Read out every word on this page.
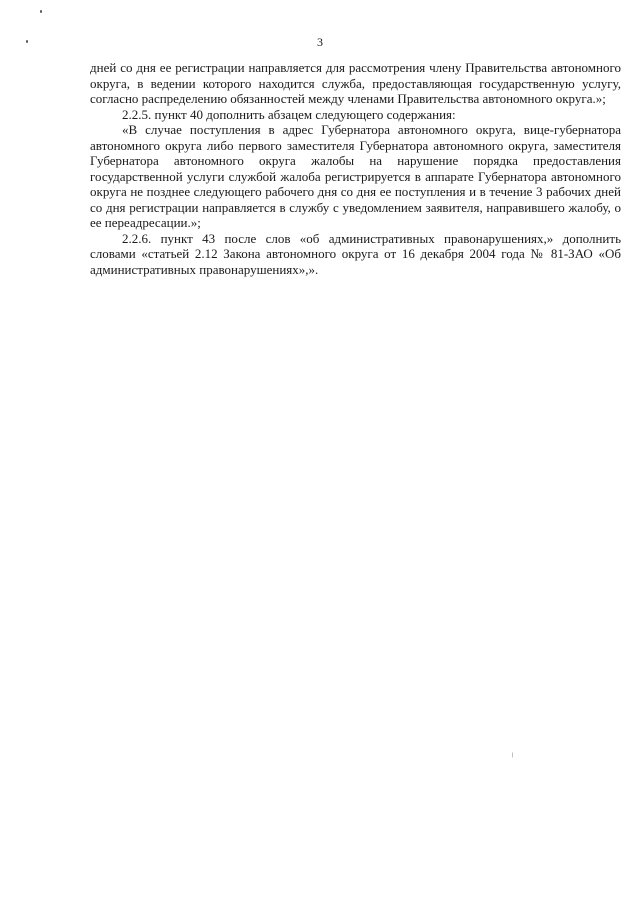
3

дней со дня ее регистрации направляется для рассмотрения члену Правительства автономного округа, в ведении которого находится служба, предоставляющая государственную услугу, согласно распределению обязанностей между членами Правительства автономного округа.»;

2.2.5. пункт 40 дополнить абзацем следующего содержания:

«В случае поступления в адрес Губернатора автономного округа, вице-губернатора автономного округа либо первого заместителя Губернатора автономного округа, заместителя Губернатора автономного округа жалобы на нарушение порядка предоставления государственной услуги службой жалоба регистрируется в аппарате Губернатора автономного округа не позднее следующего рабочего дня со дня ее поступления и в течение 3 рабочих дней со дня регистрации направляется в службу с уведомлением заявителя, направившего жалобу, о ее переадресации.»;

2.2.6. пункт 43 после слов «об административных правонарушениях,» дополнить словами «статьей 2.12 Закона автономного округа от 16 декабря 2004 года № 81-ЗАО «Об административных правонарушениях»,».
